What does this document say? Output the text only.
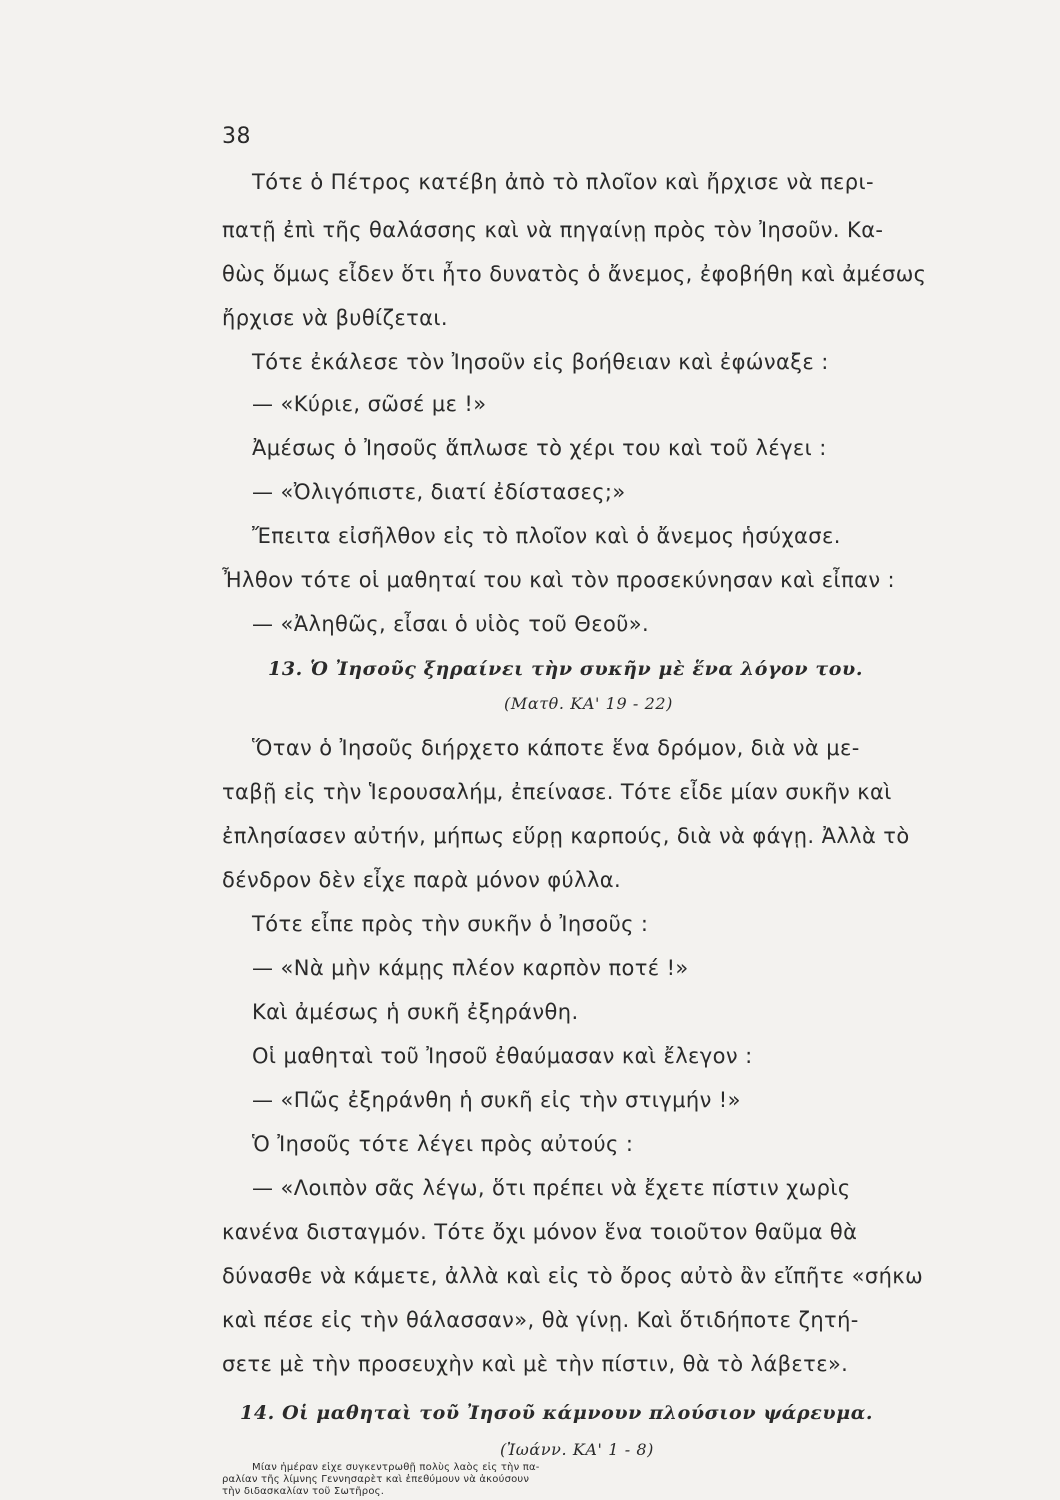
38
Τότε ὁ Πέτρος κατέβη ἀπὸ τὸ πλοῖον καὶ ἤρχισε νὰ περι-
πατῇ ἐπὶ τῆς θαλάσσης καὶ νὰ πηγαίνῃ πρὸς τὸν Ἰησοῦν. Κα-
θὼς ὅμως εἶδεν ὅτι ἦτο δυνατὸς ὁ ἄνεμος, ἐφοβήθη καὶ ἀμέσως
ἤρχισε νὰ βυθίζεται.
Τότε ἐκάλεσε τὸν Ἰησοῦν εἰς βοήθειαν καὶ ἐφώναξε :
— «Κύριε, σῶσέ με !»
Ἀμέσως ὁ Ἰησοῦς ἅπλωσε τὸ χέρι του καὶ τοῦ λέγει :
— «Ὀλιγόπιστε, διατί ἐδίστασες;»
Ἔπειτα εἰσῆλθον εἰς τὸ πλοῖον καὶ ὁ ἄνεμος ἡσύχασε.
Ἦλθον τότε οἱ μαθηταί του καὶ τὸν προσεκύνησαν καὶ εἶπαν :
— «Ἀληθῶς, εἶσαι ὁ υἱὸς τοῦ Θεοῦ».
13. Ὁ Ἰησοῦς ξηραίνει τὴν συκῆν μὲ ἕνα λόγον του.
(Ματθ. ΚΑ' 19 - 22)
Ὅταν ὁ Ἰησοῦς διήρχετο κάποτε ἕνα δρόμον, διὰ νὰ με-
ταβῇ εἰς τὴν Ἱερουσαλήμ, ἐπείνασε. Τότε εἶδε μίαν συκῆν καὶ
ἐπλησίασεν αὐτήν, μήπως εὕρῃ καρπούς, διὰ νὰ φάγῃ. Ἀλλὰ τὸ
δένδρον δὲν εἶχε παρὰ μόνον φύλλα.
Τότε εἶπε πρὸς τὴν συκῆν ὁ Ἰησοῦς :
— «Νὰ μὴν κάμῃς πλέον καρπὸν ποτέ !»
Καὶ ἀμέσως ἡ συκῆ ἐξηράνθη.
Οἱ μαθηταὶ τοῦ Ἰησοῦ ἐθαύμασαν καὶ ἔλεγον :
— «Πῶς ἐξηράνθη ἡ συκῆ εἰς τὴν στιγμήν !»
Ὁ Ἰησοῦς τότε λέγει πρὸς αὐτούς :
— «Λοιπὸν σᾶς λέγω, ὅτι πρέπει νὰ ἔχετε πίστιν χωρὶς
κανένα δισταγμόν. Τότε ὄχι μόνον ἕνα τοιοῦτον θαῦμα θὰ
δύνασθε νὰ κάμετε, ἀλλὰ καὶ εἰς τὸ ὄρος αὐτὸ ἂν εἴπῆτε «σήκω
καὶ πέσε εἰς τὴν θάλασσαν», θὰ γίνῃ. Καὶ ὅτιδήποτε ζητή-
σετε μὲ τὴν προσευχὴν καὶ μὲ τὴν πίστιν, θὰ τὸ λάβετε».
14. Οἱ μαθηταὶ τοῦ Ἰησοῦ κάμνουν πλούσιον ψάρευμα.
(Ἰωάνν. ΚΑ' 1 - 8)
Μίαν ἡμέραν εἶχε συγκεντρωθῇ πολὺς λαὸς εἰς τὴν πα-
ραλίαν τῆς λίμνης Γεννησαρὲτ καὶ ἐπεθύμουν νὰ ἀκούσουν
τὴν διδασκαλίαν τοῦ Σωτῆρος.
